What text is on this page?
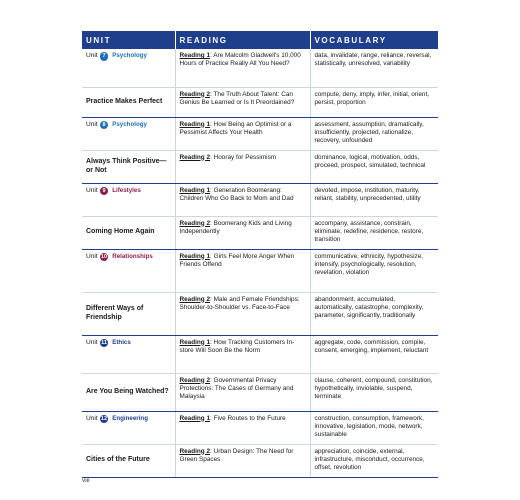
UNIT	READING	VOCABULARY

Unit 7 Psychology	Reading 1: Are Malcolm Gladwell's 10,000 Hours of Practice Really All You Need?	data, invalidate, range, reliance, reversal, statistically, unresolved, variability

Practice Makes Perfect	Reading 2: The Truth About Talent: Can Genius Be Learned or Is It Preordained?	compute, deny, imply, infer, initial, orient, persist, proportion

Unit 8 Psychology	Reading 1: How Being an Optimist or a Pessimist Affects Your Health	assessment, assumption, dramatically, insufficiently, projected, rationalize, recovery, unfounded

Always Think Positive—or Not	Reading 2: Hooray for Pessimism	dominance, logical, motivation, odds, proceed, prospect, simulated, technical

Unit 9 Lifestyles	Reading 1: Generation Boomerang: Children Who Go Back to Mom and Dad	devoted, impose, institution, maturity, reliant, stability, unprecedented, utility

Coming Home Again	Reading 2: Boomerang Kids and Living Independently	accompany, assistance, constrain, eliminate, redefine, residence, restore, transition

Unit 10 Relationships	Reading 1: Girls Feel More Anger When Friends Offend	communicative, ethnicity, hypothesize, intensify, psychologically, resolution, revelation, violation

Different Ways of Friendship	Reading 2: Male and Female Friendships: Shoulder-to-Shoulder vs. Face-to-Face	abandonment, accumulated, automatically, catastrophe, complexity, parameter, significantly, traditionally

Unit 11 Ethics	Reading 1: How Tracking Customers In-store Will Soon Be the Norm	aggregate, code, commission, compile, consent, emerging, implement, reluctant

Are You Being Watched?	Reading 2: Governmental Privacy Protections: The Cases of Germany and Malaysia	clause, coherent, compound, constitution, hypothetically, inviolable, suspend, terminate

Unit 12 Engineering	Reading 1: Five Routes to the Future	construction, consumption, framework, innovative, legislation, mode, network, sustainable

Cities of the Future	Reading 2: Urban Design: The Need for Green Spaces	appreciation, coincide, external, infrastructure, misconduct, occurrence, offset, revolution
viii
